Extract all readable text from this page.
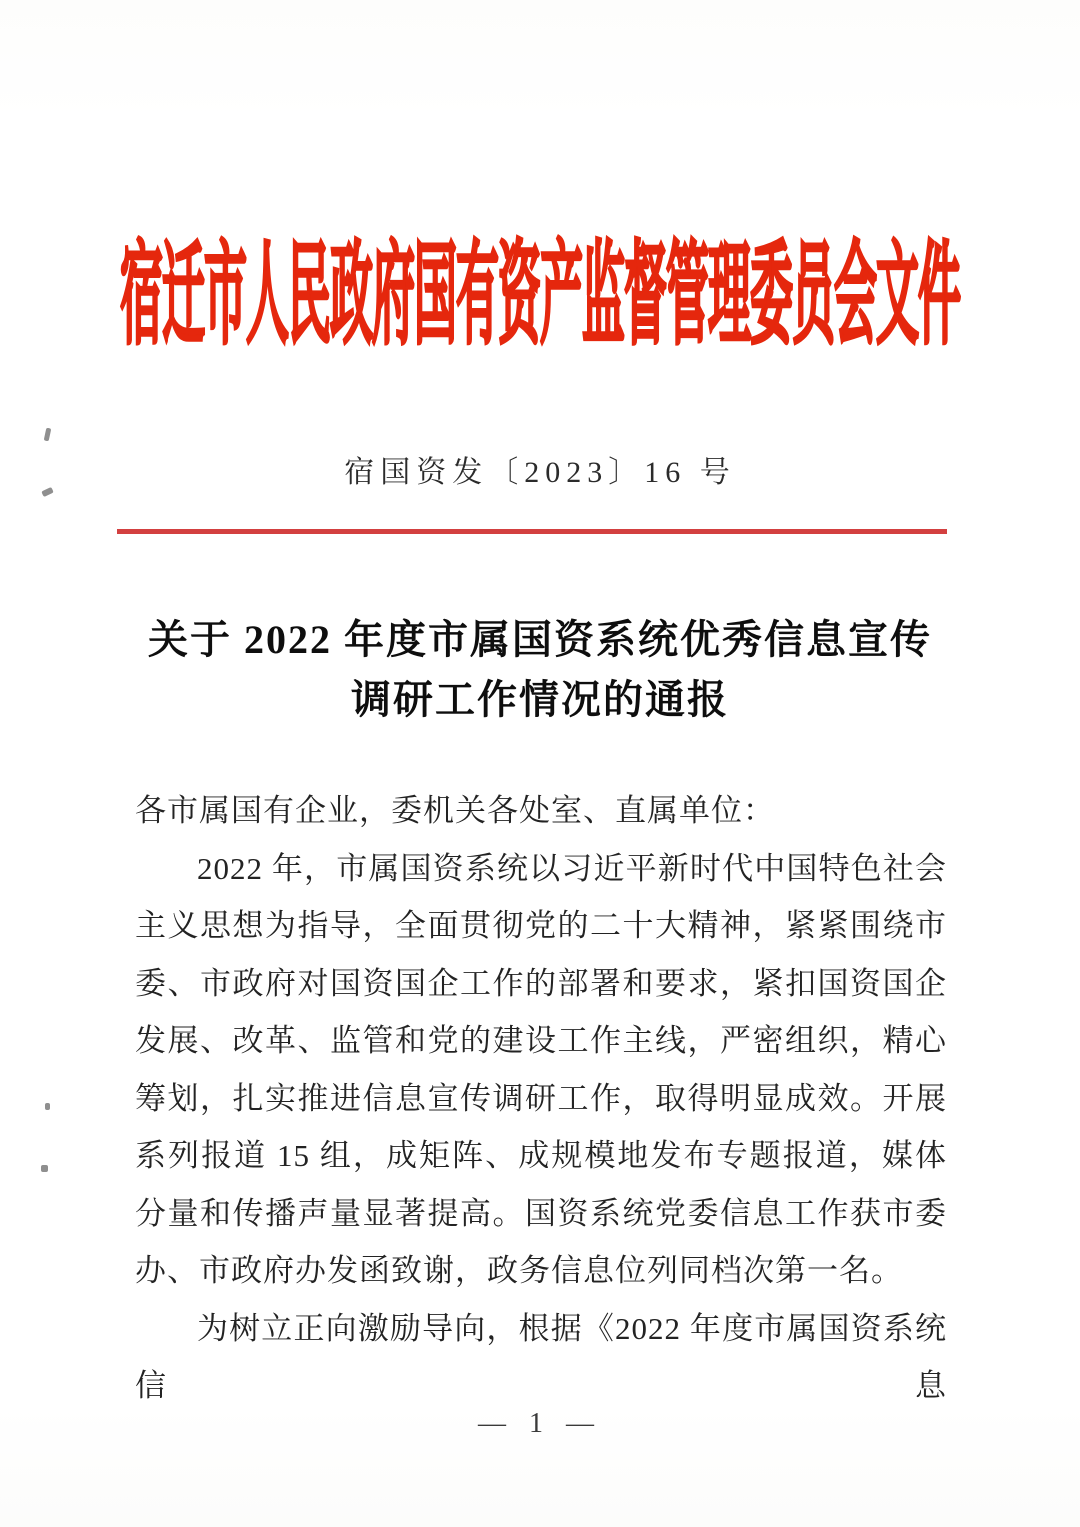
宿迁市人民政府国有资产监督管理委员会文件
宿国资发〔2023〕16 号
关于 2022 年度市属国资系统优秀信息宣传
调研工作情况的通报

各市属国有企业，委机关各处室、直属单位：

2022 年，市属国资系统以习近平新时代中国特色社会主义思想为指导，全面贯彻党的二十大精神，紧紧围绕市委、市政府对国资国企工作的部署和要求，紧扣国资国企发展、改革、监管和党的建设工作主线，严密组织，精心筹划，扎实推进信息宣传调研工作，取得明显成效。开展系列报道 15 组，成矩阵、成规模地发布专题报道，媒体分量和传播声量显著提高。国资系统党委信息工作获市委办、市政府办发函致谢，政务信息位列同档次第一名。

为树立正向激励导向，根据《2022 年度市属国资系统信息

— 1 —
